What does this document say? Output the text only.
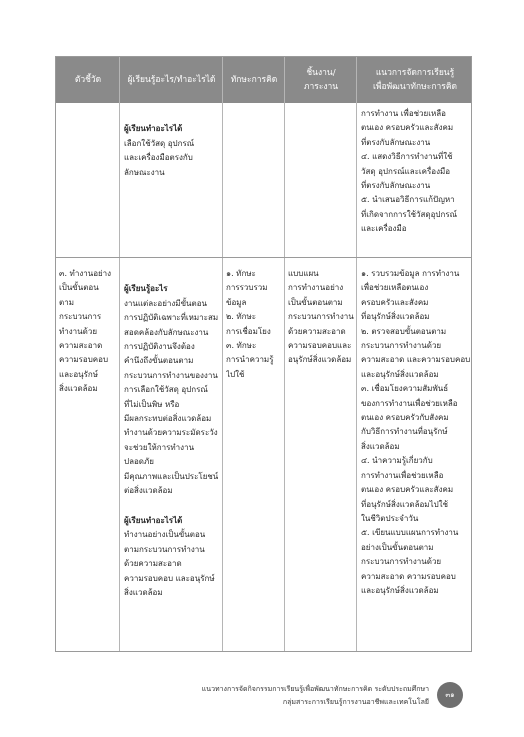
ตัวชี้วัด	ผู้เรียนรู้อะไร/ทำอะไรได้	ทักษะการคิด
ชิ้นงาน/
ภาระงาน
แนวการจัดการเรียนรู้
เพื่อพัฒนาทักษะการคิด

ผู้เรียนทำอะไรได้

เลือกใช้วัสดุ อุปกรณ์
และเครื่องมือตรงกับ
ลักษณะงาน

การทำงาน เพื่อช่วยเหลือ
ตนเอง ครอบครัวและสังคม
ที่ตรงกับลักษณะงาน
๔. แสดงวิธีการทำงานที่ใช้
วัสดุ อุปกรณ์และเครื่องมือ
ที่ตรงกับลักษณะงาน
๕. นำเสนอวิธีการแก้ปัญหา
ที่เกิดจากการใช้วัสดุอุปกรณ์
และเครื่องมือ
๓. ทำงานอย่าง
เป็นขั้นตอน
ตาม
กระบวนการ
ทำงานด้วย
ความสะอาด
ความรอบคอบ
และอนุรักษ์
สิ่งแวดล้อม

ผู้เรียนรู้อะไร

งานแต่ละอย่างมีขั้นตอน
การปฏิบัติเฉพาะที่เหมาะสม
สอดคล้องกับลักษณะงาน
การปฏิบัติงานจึงต้อง
คำนึงถึงขั้นตอนตาม
กระบวนการทำงานของงาน
การเลือกใช้วัสดุ อุปกรณ์
ที่ไม่เป็นพิษ หรือ
มีผลกระทบต่อสิ่งแวดล้อม
ทำงานด้วยความระมัดระวัง
จะช่วยให้การทำงานปลอดภัย
มีคุณภาพและเป็นประโยชน์
ต่อสิ่งแวดล้อม

ผู้เรียนทำอะไรได้

ทำงานอย่างเป็นขั้นตอน
ตามกระบวนการทำงาน
ด้วยความสะอาด
ความรอบคอบ และอนุรักษ์
สิ่งแวดล้อม

๑. ทักษะ
การรวบรวม
ข้อมูล
๒. ทักษะ
การเชื่อมโยง
๓. ทักษะ
การนำความรู้
ไปใช้
แบบแผน
การทำงานอย่าง
เป็นขั้นตอนตาม
กระบวนการทำงาน
ด้วยความสะอาด
ความรอบคอบและ
อนุรักษ์สิ่งแวดล้อม
๑. รวบรวมข้อมูล การทำงาน
เพื่อช่วยเหลือตนเอง
ครอบครัวและสังคม
ที่อนุรักษ์สิ่งแวดล้อม
๒. ตรวจสอบขั้นตอนตาม
กระบวนการทำงานด้วย
ความสะอาด และความรอบคอบ
และอนุรักษ์สิ่งแวดล้อม
๓. เชื่อมโยงความสัมพันธ์
ของการทำงานเพื่อช่วยเหลือ
ตนเอง ครอบครัวกับสังคม
กับวิธีการทำงานที่อนุรักษ์
สิ่งแวดล้อม
๔. นำความรู้เกี่ยวกับ
การทำงานเพื่อช่วยเหลือ
ตนเอง ครอบครัวและสังคม
ที่อนุรักษ์สิ่งแวดล้อมไปใช้
ในชีวิตประจำวัน
๕. เขียนแบบแผนการทำงาน
อย่างเป็นขั้นตอนตาม
กระบวนการทำงานด้วย
ความสะอาด ความรอบคอบ
และอนุรักษ์สิ่งแวดล้อม
แนวทางการจัดกิจกรรมการเรียนรู้เพื่อพัฒนาทักษะการคิด ระดับประถมศึกษา
กลุ่มสาระการเรียนรู้การงานอาชีพและเทคโนโลยี
๓๑
